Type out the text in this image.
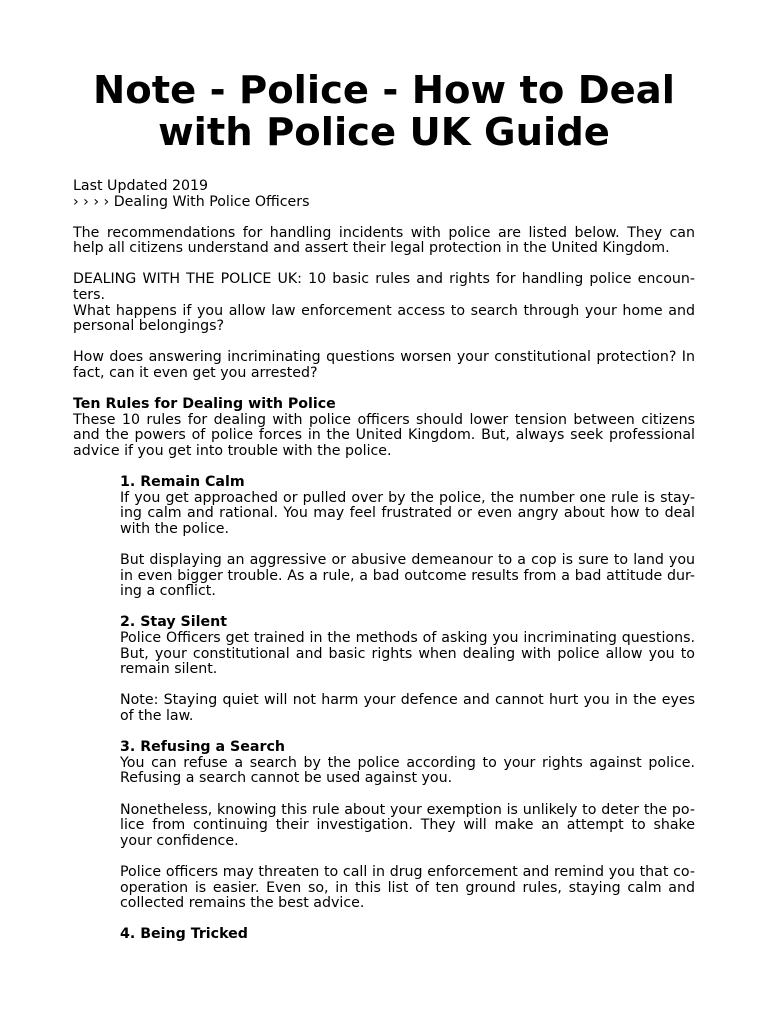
Note - Police - How to Deal with Police UK Guide
Last Updated 2019
› › › › Dealing With Police Officers

The recommendations for handling incidents with police are listed below. They can help all citizens understand and assert their legal protection in the United Kingdom.

DEALING WITH THE POLICE UK: 10 basic rules and rights for handling police encoun-ters.

What happens if you allow law enforcement access to search through your home and personal belongings?

How does answering incriminating questions worsen your constitutional protection? In fact, can it even get you arrested?

Ten Rules for Dealing with Police

These 10 rules for dealing with police officers should lower tension between citizens and the powers of police forces in the United Kingdom. But, always seek professional advice if you get into trouble with the police.

1. Remain Calm

If you get approached or pulled over by the police, the number one rule is stay-ing calm and rational. You may feel frustrated or even angry about how to deal with the police.

But displaying an aggressive or abusive demeanour to a cop is sure to land you in even bigger trouble. As a rule, a bad outcome results from a bad attitude dur-ing a conflict.

2. Stay Silent

Police Officers get trained in the methods of asking you incriminating questions. But, your constitutional and basic rights when dealing with police allow you to remain silent.

Note: Staying quiet will not harm your defence and cannot hurt you in the eyes of the law.

3. Refusing a Search

You can refuse a search by the police according to your rights against police. Refusing a search cannot be used against you.

Nonetheless, knowing this rule about your exemption is unlikely to deter the po-lice from continuing their investigation. They will make an attempt to shake your confidence.

Police officers may threaten to call in drug enforcement and remind you that co-operation is easier. Even so, in this list of ten ground rules, staying calm and collected remains the best advice.

4. Being Tricked
